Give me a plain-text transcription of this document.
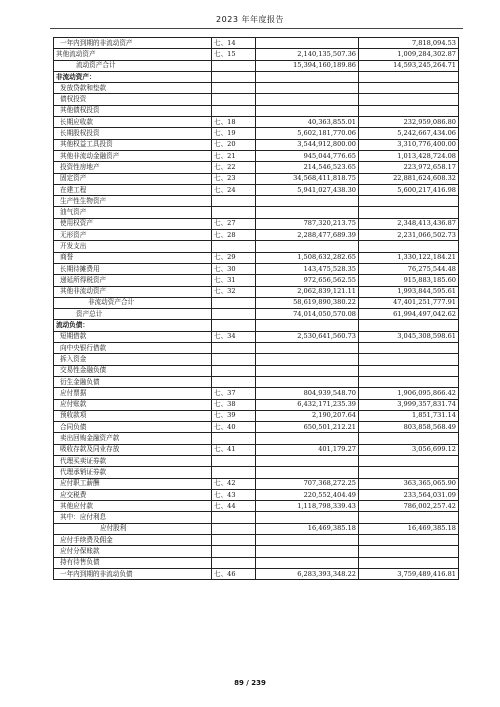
2023 年年度报告
一年内到期的非流动资产	七、14		7,818,094.53
其他流动资产	七、15	2,140,135,507.36	1,009,284,302.87
流动资产合计		15,394,160,189.86	14,593,245,264.71
非流动资产：			
发放贷款和垫款			
债权投资			
其他债权投资			
长期应收款	七、18	40,363,855.01	232,959,086.80
长期股权投资	七、19	5,602,181,770.06	5,242,667,434.06
其他权益工具投资	七、20	3,544,912,800.00	3,310,776,400.00
其他非流动金融资产	七、21	945,044,776.65	1,013,428,724.08
投资性房地产	七、22	214,546,523.65	223,972,658.17
固定资产	七、23	34,568,411,818.75	22,881,624,608.32
在建工程	七、24	5,941,027,438.30	5,600,217,416.98
生产性生物资产			
油气资产			
使用权资产	七、27	787,320,213.75	2,348,413,436.87
无形资产	七、28	2,288,477,689.39	2,231,066,502.73
开发支出			
商誉	七、29	1,508,632,282.65	1,330,122,184.21
长期待摊费用	七、30	143,475,528.35	76,275,544.48
递延所得税资产	七、31	972,656,562.55	915,883,185.60
其他非流动资产	七、32	2,062,839,121.11	1,993,844,595.61
非流动资产合计		58,619,890,380.22	47,401,251,777.91
资产总计		74,014,050,570.08	61,994,497,042.62
流动负债：			
短期借款	七、34	2,530,641,560.73	3,045,308,598.61
向中央银行借款			
拆入资金			
交易性金融负债			
衍生金融负债			
应付票据	七、37	804,939,548.70	1,906,095,866.42
应付账款	七、38	6,432,171,235.39	3,999,357,831.74
预收款项	七、39	2,190,207.64	1,851,731.14
合同负债	七、40	650,501,212.21	803,858,568.49
卖出回购金融资产款			
吸收存款及同业存放	七、41	401,179.27	3,056,699.12
代理买卖证券款			
代理承销证券款			
应付职工薪酬	七、42	707,368,272.25	363,365,065.90
应交税费	七、43	220,552,404.49	233,564,031.09
其他应付款	七、44	1,118,798,339.43	786,002,257.42
其中：应付利息			
应付股利		16,469,385.18	16,469,385.18
应付手续费及佣金			
应付分保账款			
持有待售负债			
一年内到期的非流动负债	七、46	6,283,393,348.22	3,759,489,416.81
89 / 239
